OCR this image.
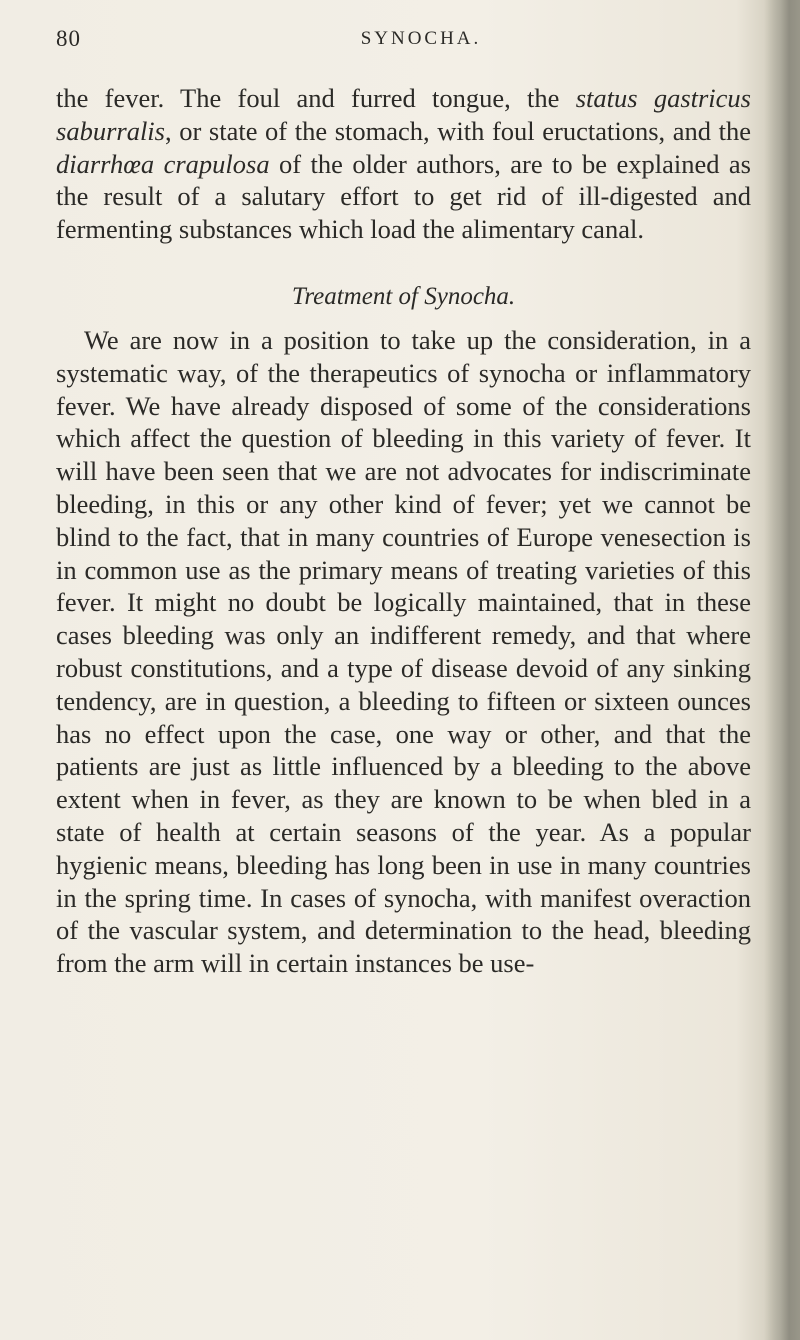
80	SYNOCHA.

the fever. The foul and furred tongue, the status gastricus saburralis, or state of the stomach, with foul eructations, and the diarrhœa crapulosa of the older authors, are to be explained as the result of a salutary effort to get rid of ill-digested and fermenting substances which load the alimentary canal.

Treatment of Synocha.

We are now in a position to take up the consideration, in a systematic way, of the therapeutics of synocha or inflammatory fever. We have already disposed of some of the considerations which affect the question of bleeding in this variety of fever. It will have been seen that we are not advocates for indiscriminate bleeding, in this or any other kind of fever; yet we cannot be blind to the fact, that in many countries of Europe venesection is in common use as the primary means of treating varieties of this fever. It might no doubt be logically maintained, that in these cases bleeding was only an indifferent remedy, and that where robust constitutions, and a type of disease devoid of any sinking tendency, are in question, a bleeding to fifteen or sixteen ounces has no effect upon the case, one way or other, and that the patients are just as little influenced by a bleeding to the above extent when in fever, as they are known to be when bled in a state of health at certain seasons of the year. As a popular hygienic means, bleeding has long been in use in many countries in the spring time. In cases of synocha, with manifest overaction of the vascular system, and determination to the head, bleeding from the arm will in certain instances be use-
